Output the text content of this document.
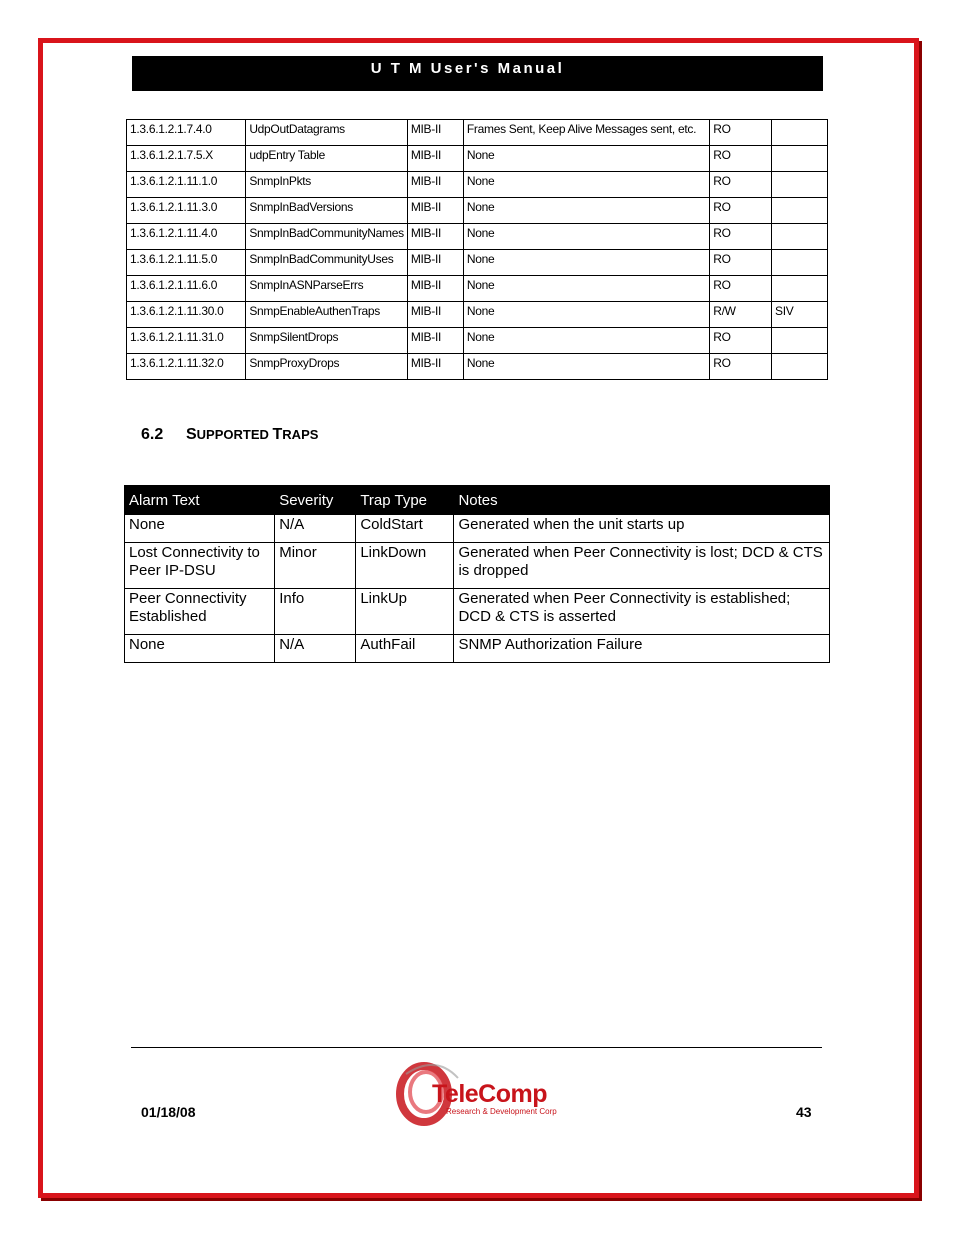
U T M User's Manual
1.3.6.1.2.1.7.4.0	UdpOutDatagrams	MIB-II	Frames Sent, Keep Alive Messages sent, etc.	RO	
1.3.6.1.2.1.7.5.X	udpEntry Table	MIB-II	None	RO	
1.3.6.1.2.1.11.1.0	SnmpInPkts	MIB-II	None	RO	
1.3.6.1.2.1.11.3.0	SnmpInBadVersions	MIB-II	None	RO	
1.3.6.1.2.1.11.4.0	SnmpInBadCommunityNames	MIB-II	None	RO	
1.3.6.1.2.1.11.5.0	SnmpInBadCommunityUses	MIB-II	None	RO	
1.3.6.1.2.1.11.6.0	SnmpInASNParseErrs	MIB-II	None	RO	
1.3.6.1.2.1.11.30.0	SnmpEnableAuthenTraps	MIB-II	None	R/W	SIV
1.3.6.1.2.1.11.31.0	SnmpSilentDrops	MIB-II	None	RO	
1.3.6.1.2.1.11.32.0	SnmpProxyDrops	MIB-II	None	RO	
6.2 SUPPORTED TRAPS
Alarm Text	Severity	Trap Type	Notes
None	N/A	ColdStart	Generated when the unit starts up
Lost Connectivity to Peer IP-DSU	Minor	LinkDown	Generated when Peer Connectivity is lost; DCD & CTS is dropped
Peer Connectivity Established	Info	LinkUp	Generated when Peer Connectivity is established; DCD & CTS is asserted
None	N/A	AuthFail	SNMP Authorization Failure
01/18/08	43
TeleComp
Research & Development Corp
